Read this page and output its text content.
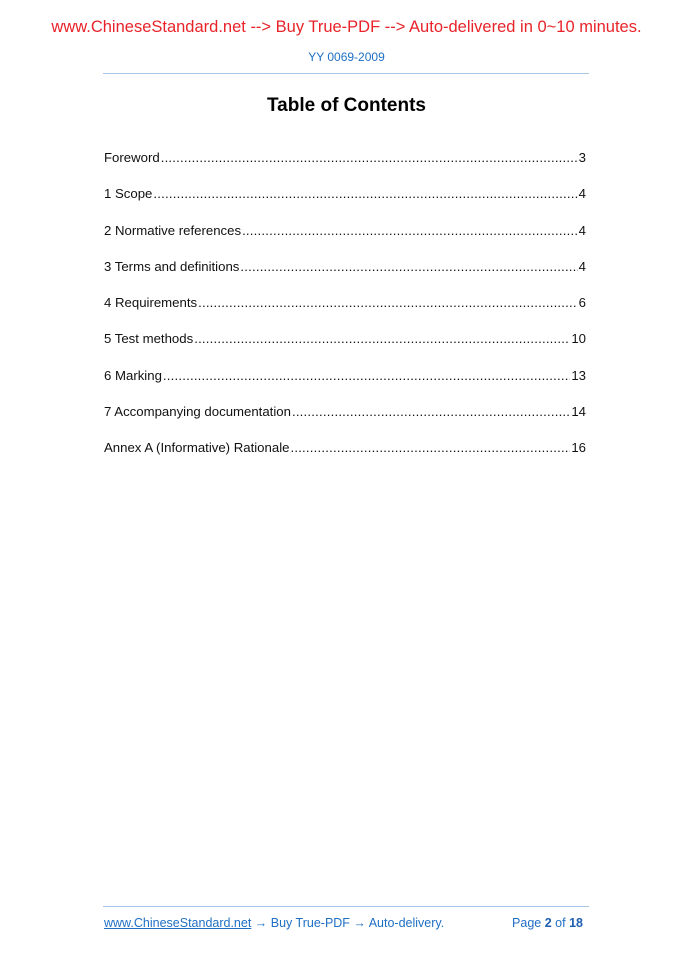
www.ChineseStandard.net --> Buy True-PDF --> Auto-delivered in 0~10 minutes.
YY 0069-2009
Table of Contents
Foreword .....	3
1 Scope .....	4
2 Normative references .....	4
3 Terms and definitions .....	4
4 Requirements .....	6
5 Test methods .....	10
6 Marking .....	13
7 Accompanying documentation .....	14
Annex A (Informative) Rationale .....	16
www.ChineseStandard.net → Buy True-PDF → Auto-delivery.	Page 2 of 18
